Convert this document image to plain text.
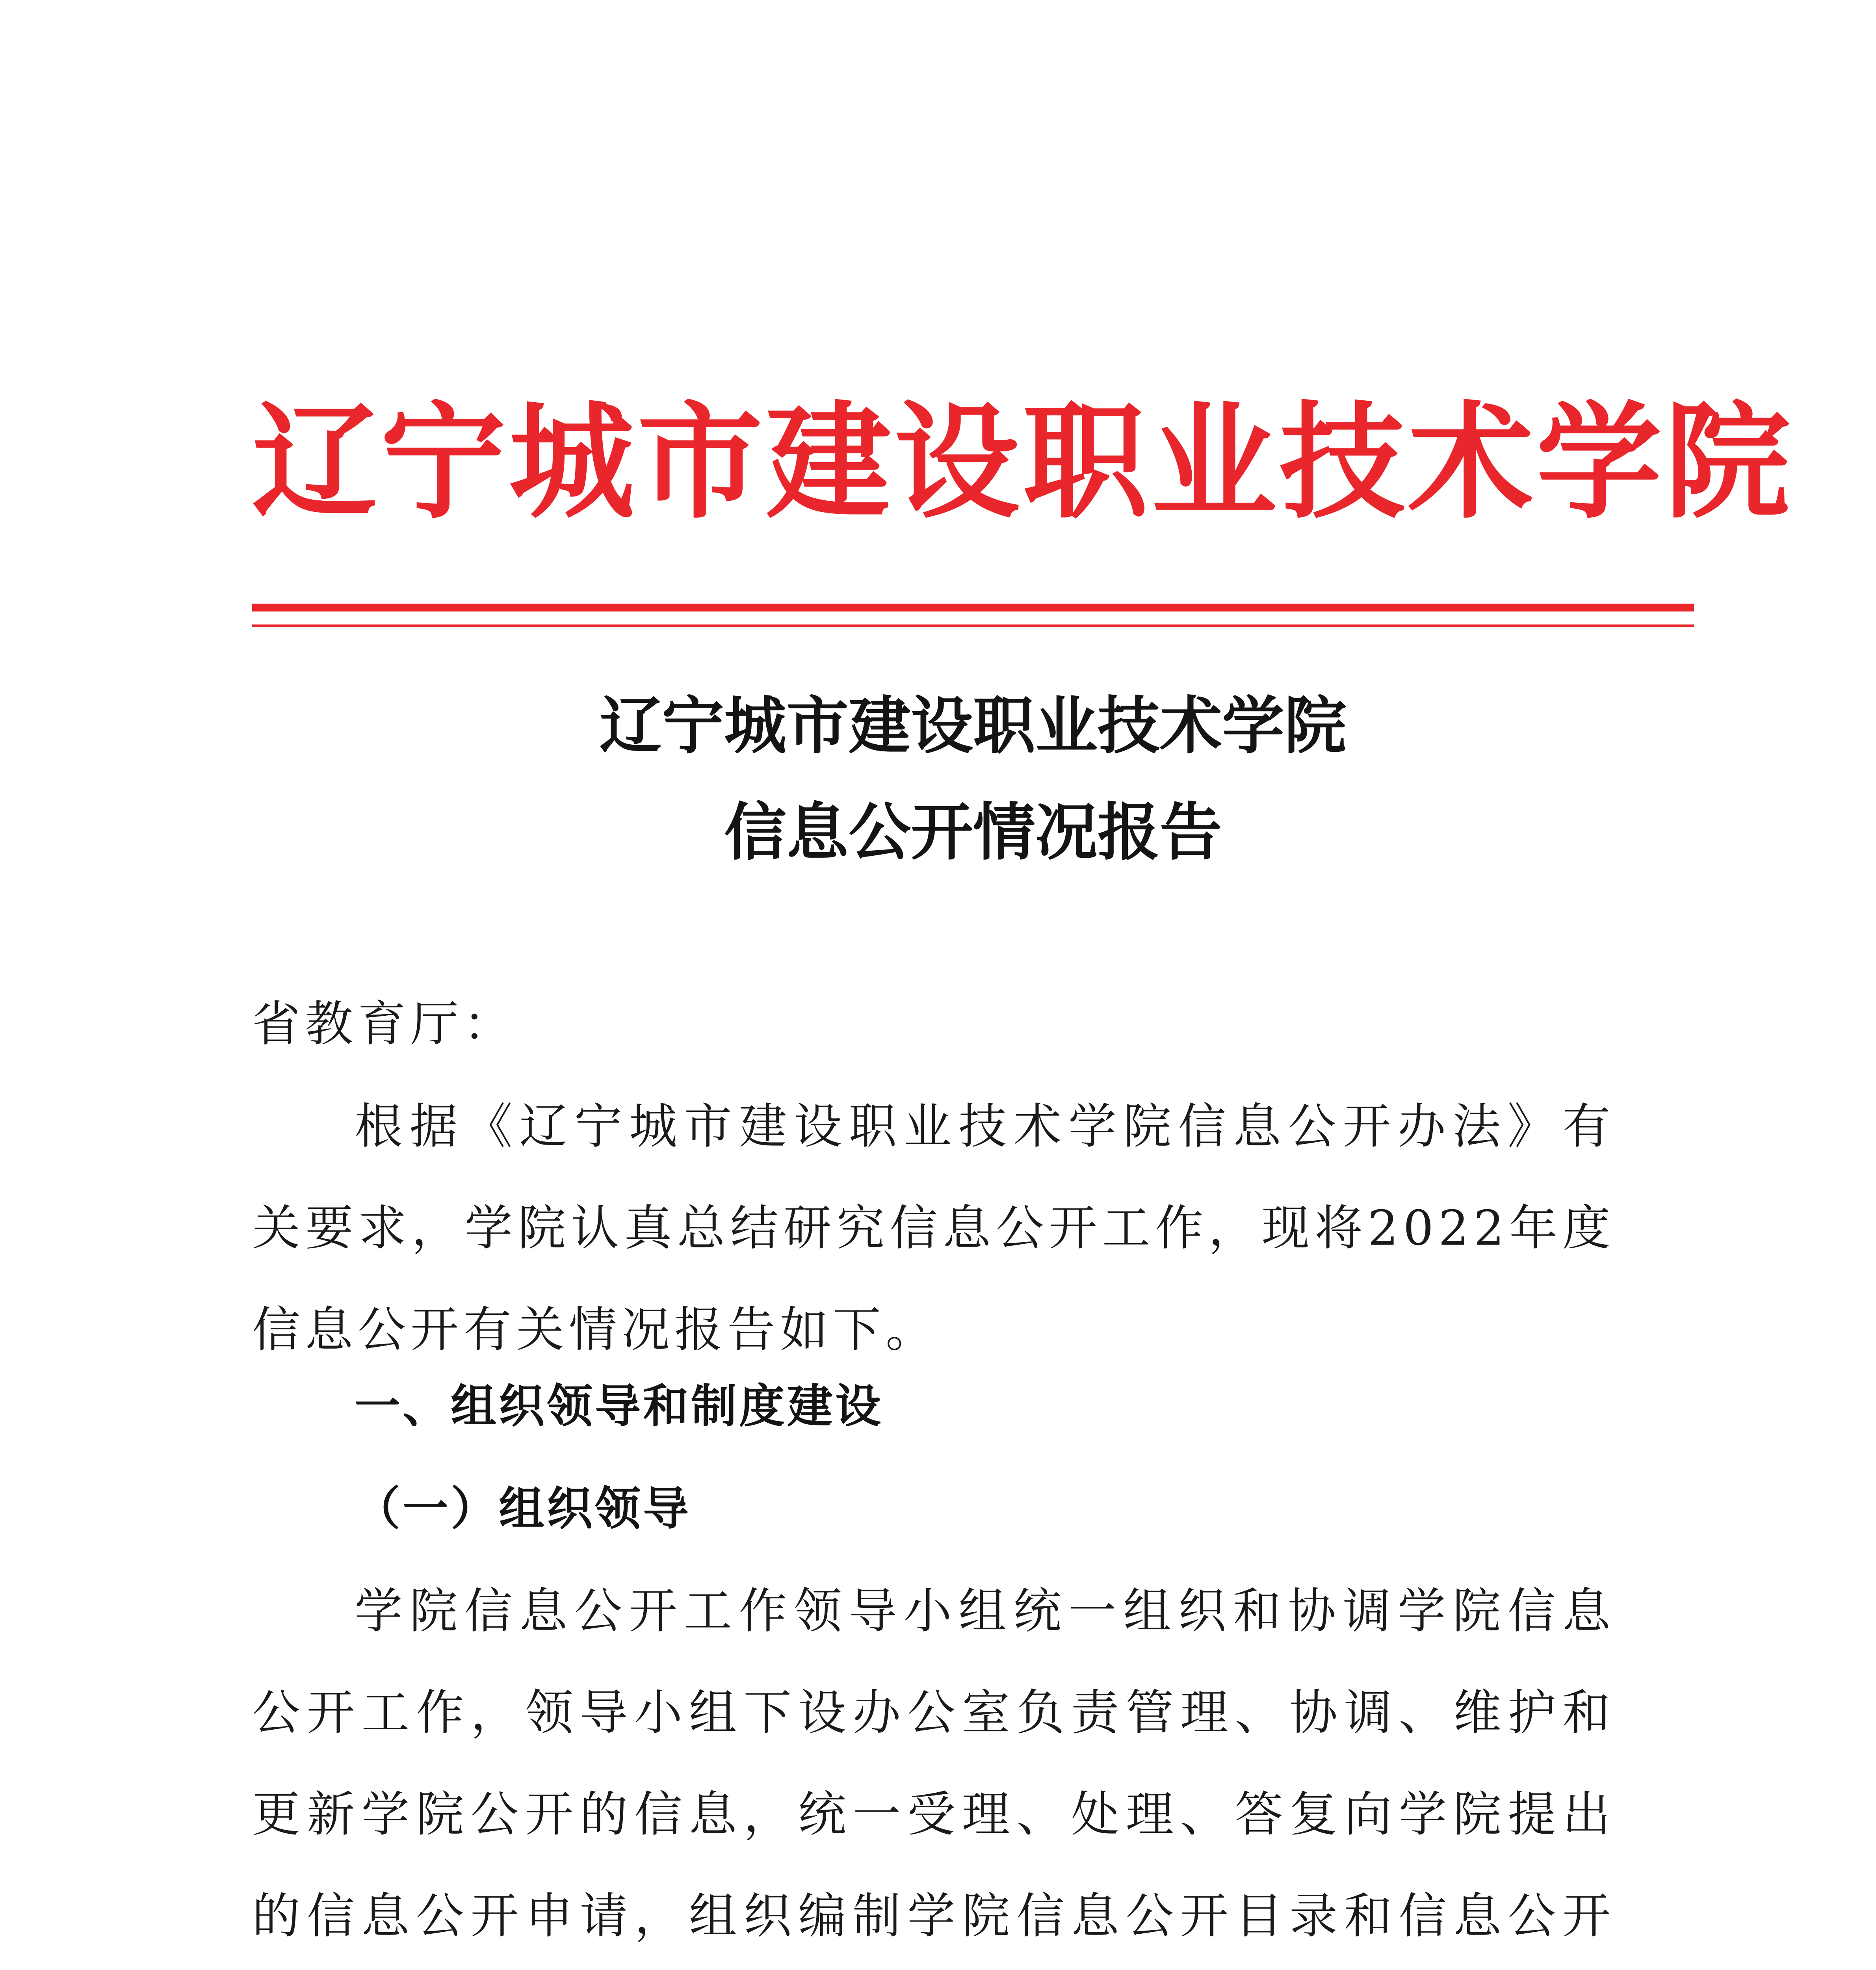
辽宁城市建设职业技术学院
辽宁城市建设职业技术学院
信息公开情况报告

省教育厅：

根据《辽宁城市建设职业技术学院信息公开办法》有关要求，学院认真总结研究信息公开工作，现将2022年度信息公开有关情况报告如下。

一、组织领导和制度建设
（一）组织领导

学院信息公开工作领导小组统一组织和协调学院信息公开工作，领导小组下设办公室负责管理、协调、维护和更新学院公开的信息，统一受理、处理、答复向学院提出的信息公开申请，组织编制学院信息公开目录和信息公开
